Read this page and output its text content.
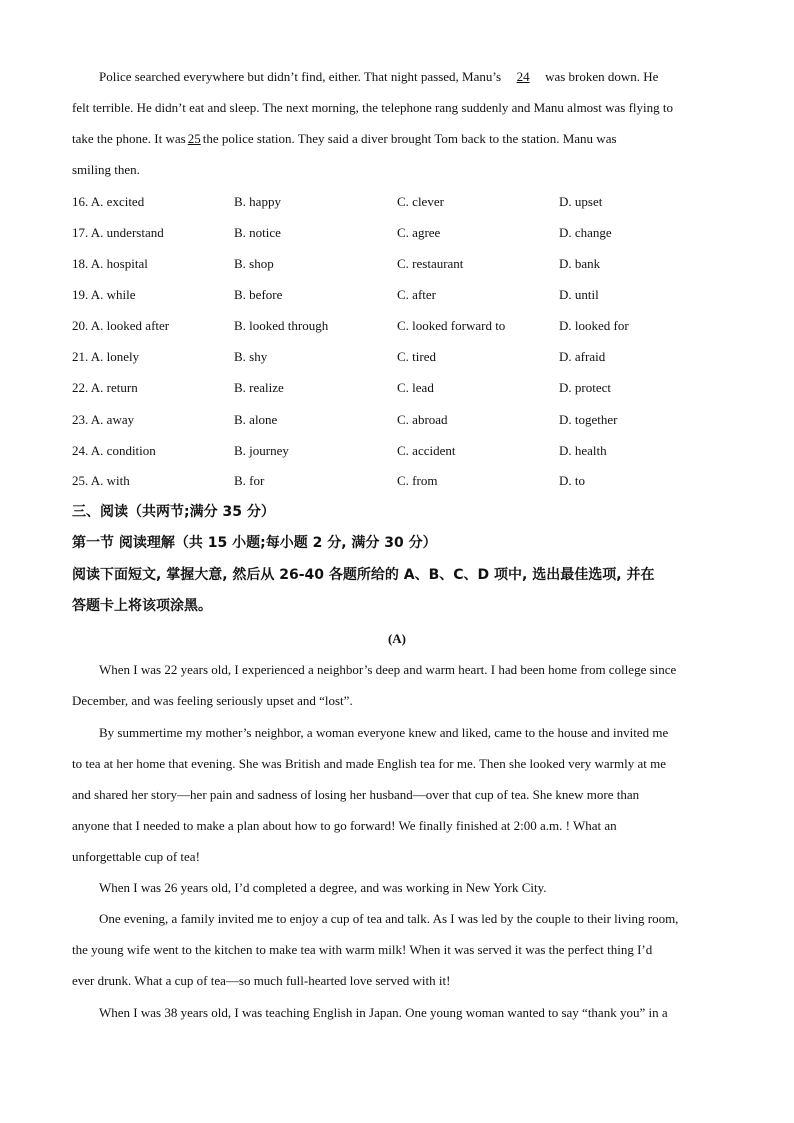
Police searched everywhere but didn’t find, either. That night passed, Manu’s 24 was broken down. He
felt terrible. He didn’t eat and sleep. The next morning, the telephone rang suddenly and Manu almost was flying to
take the phone. It was 25 the police station. They said a diver brought Tom back to the station. Manu was
smiling then.
16. A. excited	B. happy	C. clever	D. upset
17. A. understand	B. notice	C. agree	D. change
18. A. hospital	B. shop	C. restaurant	D. bank
19. A. while	B. before	C. after	D. until
20. A. looked after	B. looked through	C. looked forward to	D. looked for
21. A. lonely	B. shy	C. tired	D. afraid
22. A. return	B. realize	C. lead	D. protect
23. A. away	B. alone	C. abroad	D. together
24. A. condition	B. journey	C. accident	D. health
25. A. with	B. for	C. from	D. to
三、阅读（共两节;满分 35 分）
第一节 阅读理解（共 15 小题;每小题 2 分, 满分 30 分）
阅读下面短文, 掌握大意, 然后从 26-40 各题所给的 A、B、C、D 项中, 选出最佳选项, 并在
答题卡上将该项涂黑。
(A)
When I was 22 years old, I experienced a neighbor’s deep and warm heart. I had been home from college since
December, and was feeling seriously upset and “lost”.
By summertime my mother’s neighbor, a woman everyone knew and liked, came to the house and invited me
to tea at her home that evening. She was British and made English tea for me. Then she looked very warmly at me
and shared her story—her pain and sadness of losing her husband—over that cup of tea. She knew more than
anyone that I needed to make a plan about how to go forward! We finally finished at 2:00 a.m. ! What an
unforgettable cup of tea!
When I was 26 years old, I’d completed a degree, and was working in New York City.
One evening, a family invited me to enjoy a cup of tea and talk. As I was led by the couple to their living room,
the young wife went to the kitchen to make tea with warm milk! When it was served it was the perfect thing I’d
ever drunk. What a cup of tea—so much full-hearted love served with it!
When I was 38 years old, I was teaching English in Japan. One young woman wanted to say “thank you” in a
